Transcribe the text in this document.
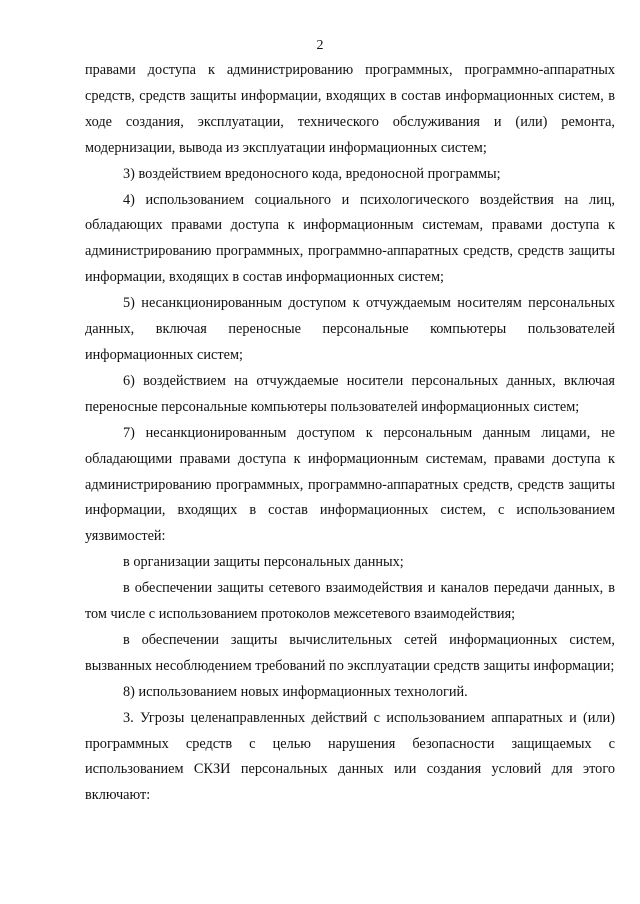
2

правами доступа к администрированию программных, программно-аппаратных средств, средств защиты информации, входящих в состав информационных систем, в ходе создания, эксплуатации, технического обслуживания и (или) ремонта, модернизации, вывода из эксплуатации информационных систем;

3) воздействием вредоносного кода, вредоносной программы;

4) использованием социального и психологического воздействия на лиц, обладающих правами доступа к информационным системам, правами доступа к администрированию программных, программно-аппаратных средств, средств защиты информации, входящих в состав информационных систем;

5) несанкционированным доступом к отчуждаемым носителям персональных данных, включая переносные персональные компьютеры пользователей информационных систем;

6) воздействием на отчуждаемые носители персональных данных, включая переносные персональные компьютеры пользователей информационных систем;

7) несанкционированным доступом к персональным данным лицами, не обладающими правами доступа к информационным системам, правами доступа к администрированию программных, программно-аппаратных средств, средств защиты информации, входящих в состав информационных систем, с использованием уязвимостей:

в организации защиты персональных данных;

в обеспечении защиты сетевого взаимодействия и каналов передачи данных, в том числе с использованием протоколов межсетевого взаимодействия;

в обеспечении защиты вычислительных сетей информационных систем, вызванных несоблюдением требований по эксплуатации средств защиты информации;

8) использованием новых информационных технологий.

3. Угрозы целенаправленных действий с использованием аппаратных и (или) программных средств с целью нарушения безопасности защищаемых с использованием СКЗИ персональных данных или создания условий для этого включают:
